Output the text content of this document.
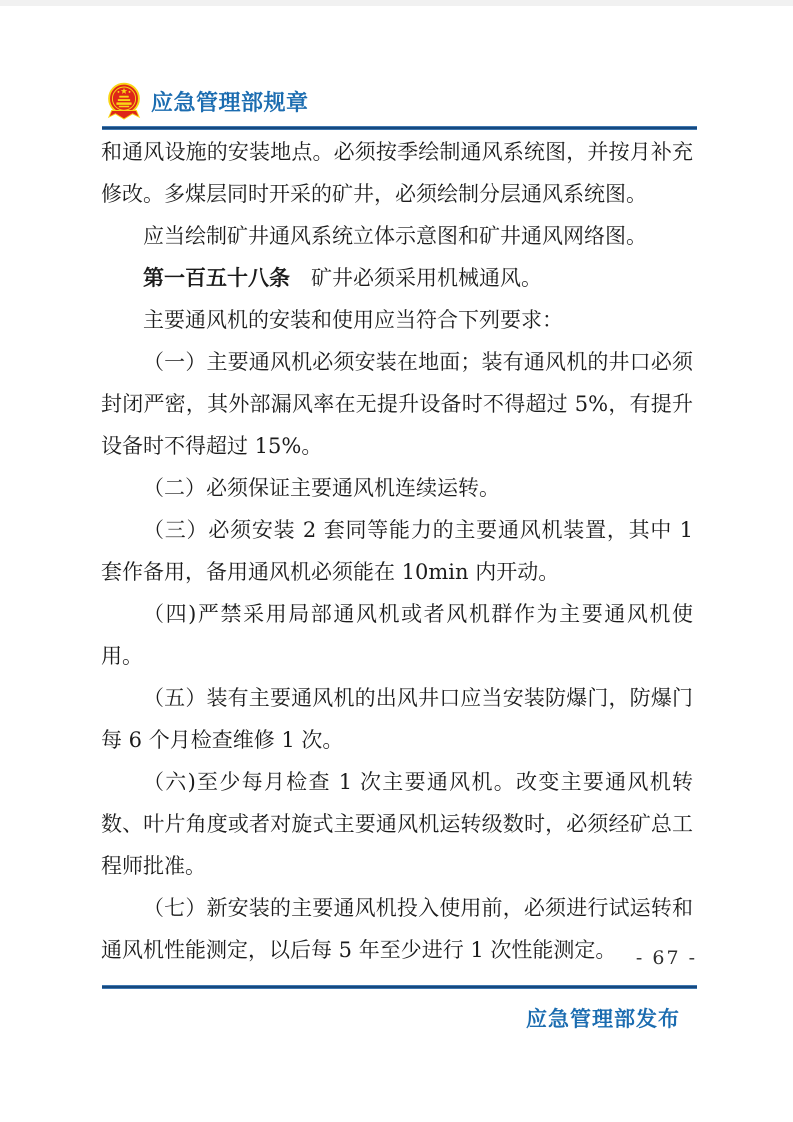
应急管理部规章

和通风设施的安装地点。必须按季绘制通风系统图，并按月补充修改。多煤层同时开采的矿井，必须绘制分层通风系统图。

应当绘制矿井通风系统立体示意图和矿井通风网络图。

第一百五十八条　矿井必须采用机械通风。

主要通风机的安装和使用应当符合下列要求：

（一）主要通风机必须安装在地面；装有通风机的井口必须封闭严密，其外部漏风率在无提升设备时不得超过 5%，有提升设备时不得超过 15%。

（二）必须保证主要通风机连续运转。

（三）必须安装 2 套同等能力的主要通风机装置，其中 1 套作备用，备用通风机必须能在 10min 内开动。

（四)严禁采用局部通风机或者风机群作为主要通风机使用。

（五）装有主要通风机的出风井口应当安装防爆门，防爆门每 6 个月检查维修 1 次。

（六)至少每月检查 1 次主要通风机。改变主要通风机转数、叶片角度或者对旋式主要通风机运转级数时，必须经矿总工程师批准。

（七）新安装的主要通风机投入使用前，必须进行试运转和通风机性能测定，以后每 5 年至少进行 1 次性能测定。	- 67 -
应急管理部发布
